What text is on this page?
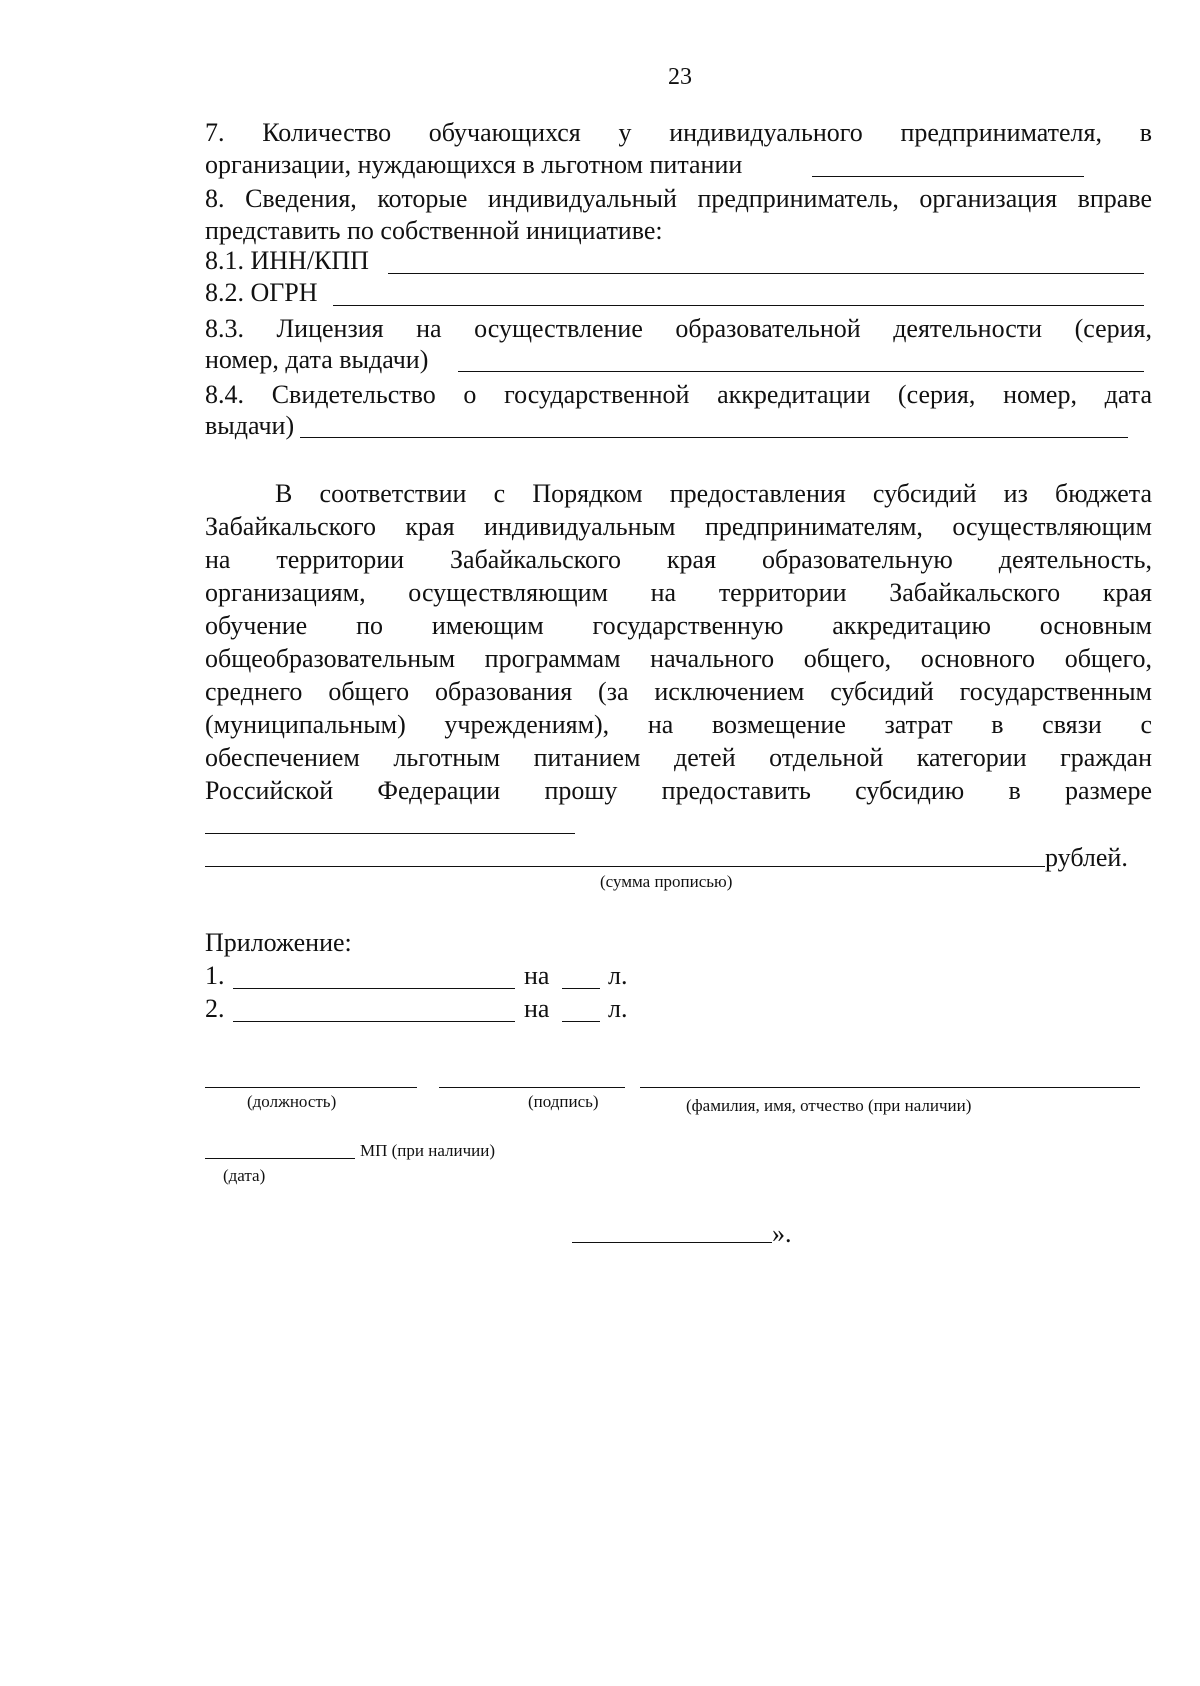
23
7. Количество обучающихся у индивидуального предпринимателя, в
организации, нуждающихся в льготном питании
8. Сведения, которые индивидуальный предприниматель, организация вправе
представить по собственной инициативе:
8.1. ИНН/КПП
8.2. ОГРН
8.3. Лицензия на осуществление образовательной деятельности (серия,
номер, дата выдачи)
8.4. Свидетельство о государственной аккредитации (серия, номер, дата
выдачи)
В соответствии с Порядком предоставления субсидий из бюджета
Забайкальского края индивидуальным предпринимателям, осуществляющим
на территории Забайкальского края образовательную деятельность,
организациям, осуществляющим на территории Забайкальского края
обучение по имеющим государственную аккредитацию основным
общеобразовательным программам начального общего, основного общего,
среднего общего образования (за исключением субсидий государственным
(муниципальным) учреждениям), на возмещение затрат в связи с
обеспечением льготным питанием детей отдельной категории граждан
Российской Федерации прошу предоставить субсидию в размере
рублей.
(сумма прописью)
Приложение:
1.	на л.
2.	на л.
(должность)	(подпись)	(фамилия, имя, отчество (при наличии)
МП (при наличии)
(дата)
».
